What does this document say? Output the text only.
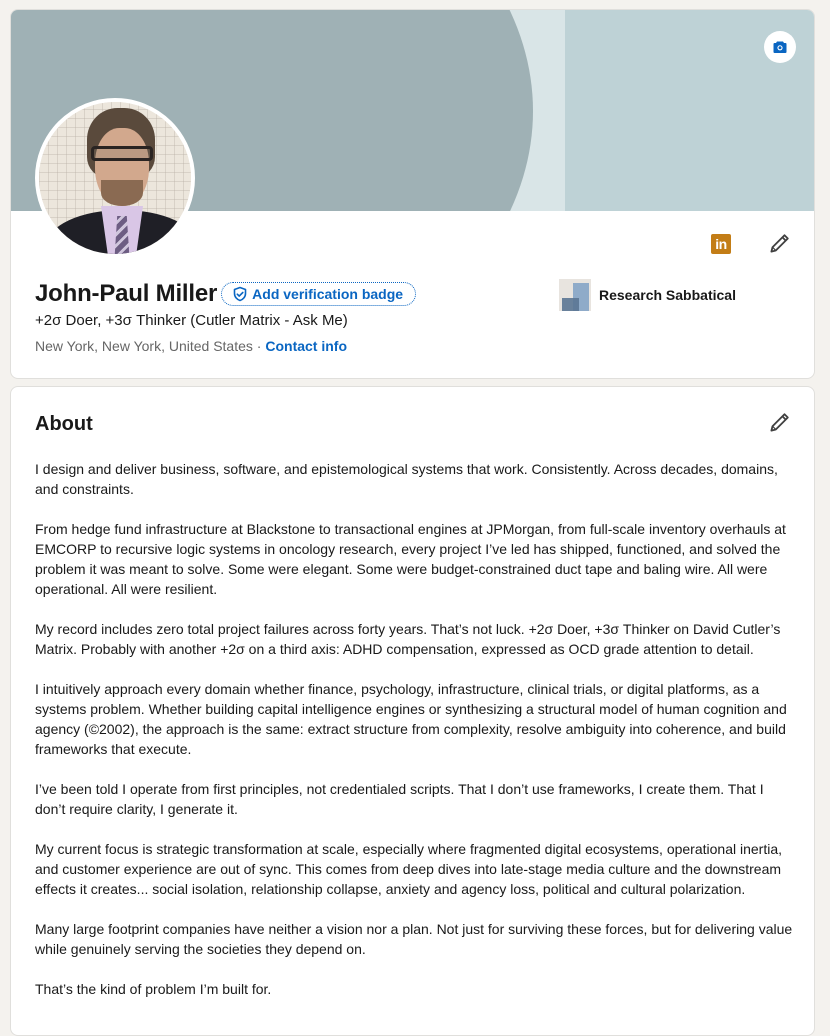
in
John-Paul Miller	Add verification badge
+2σ Doer, +3σ Thinker (Cutler Matrix - Ask Me)
New York, New York, United States · Contact info
Research Sabbatical
About

I design and deliver business, software, and epistemological systems that work. Consistently. Across decades, domains, and constraints.

From hedge fund infrastructure at Blackstone to transactional engines at JPMorgan, from full-scale inventory overhauls at EMCORP to recursive logic systems in oncology research, every project I’ve led has shipped, functioned, and solved the problem it was meant to solve. Some were elegant. Some were budget-constrained duct tape and baling wire. All were operational. All were resilient.

My record includes zero total project failures across forty years. That’s not luck. +2σ Doer, +3σ Thinker on David Cutler’s Matrix. Probably with another +2σ on a third axis: ADHD compensation, expressed as OCD grade attention to detail.

I intuitively approach every domain whether finance, psychology, infrastructure, clinical trials, or digital platforms, as a systems problem. Whether building capital intelligence engines or synthesizing a structural model of human cognition and agency (©2002), the approach is the same: extract structure from complexity, resolve ambiguity into coherence, and build frameworks that execute.

I’ve been told I operate from first principles, not credentialed scripts. That I don’t use frameworks, I create them. That I don’t require clarity, I generate it.

My current focus is strategic transformation at scale, especially where fragmented digital ecosystems, operational inertia, and customer experience are out of sync. This comes from deep dives into late-stage media culture and the downstream effects it creates... social isolation, relationship collapse, anxiety and agency loss, political and cultural polarization.

Many large footprint companies have neither a vision nor a plan. Not just for surviving these forces, but for delivering value while genuinely serving the societies they depend on.

That’s the kind of problem I’m built for.
